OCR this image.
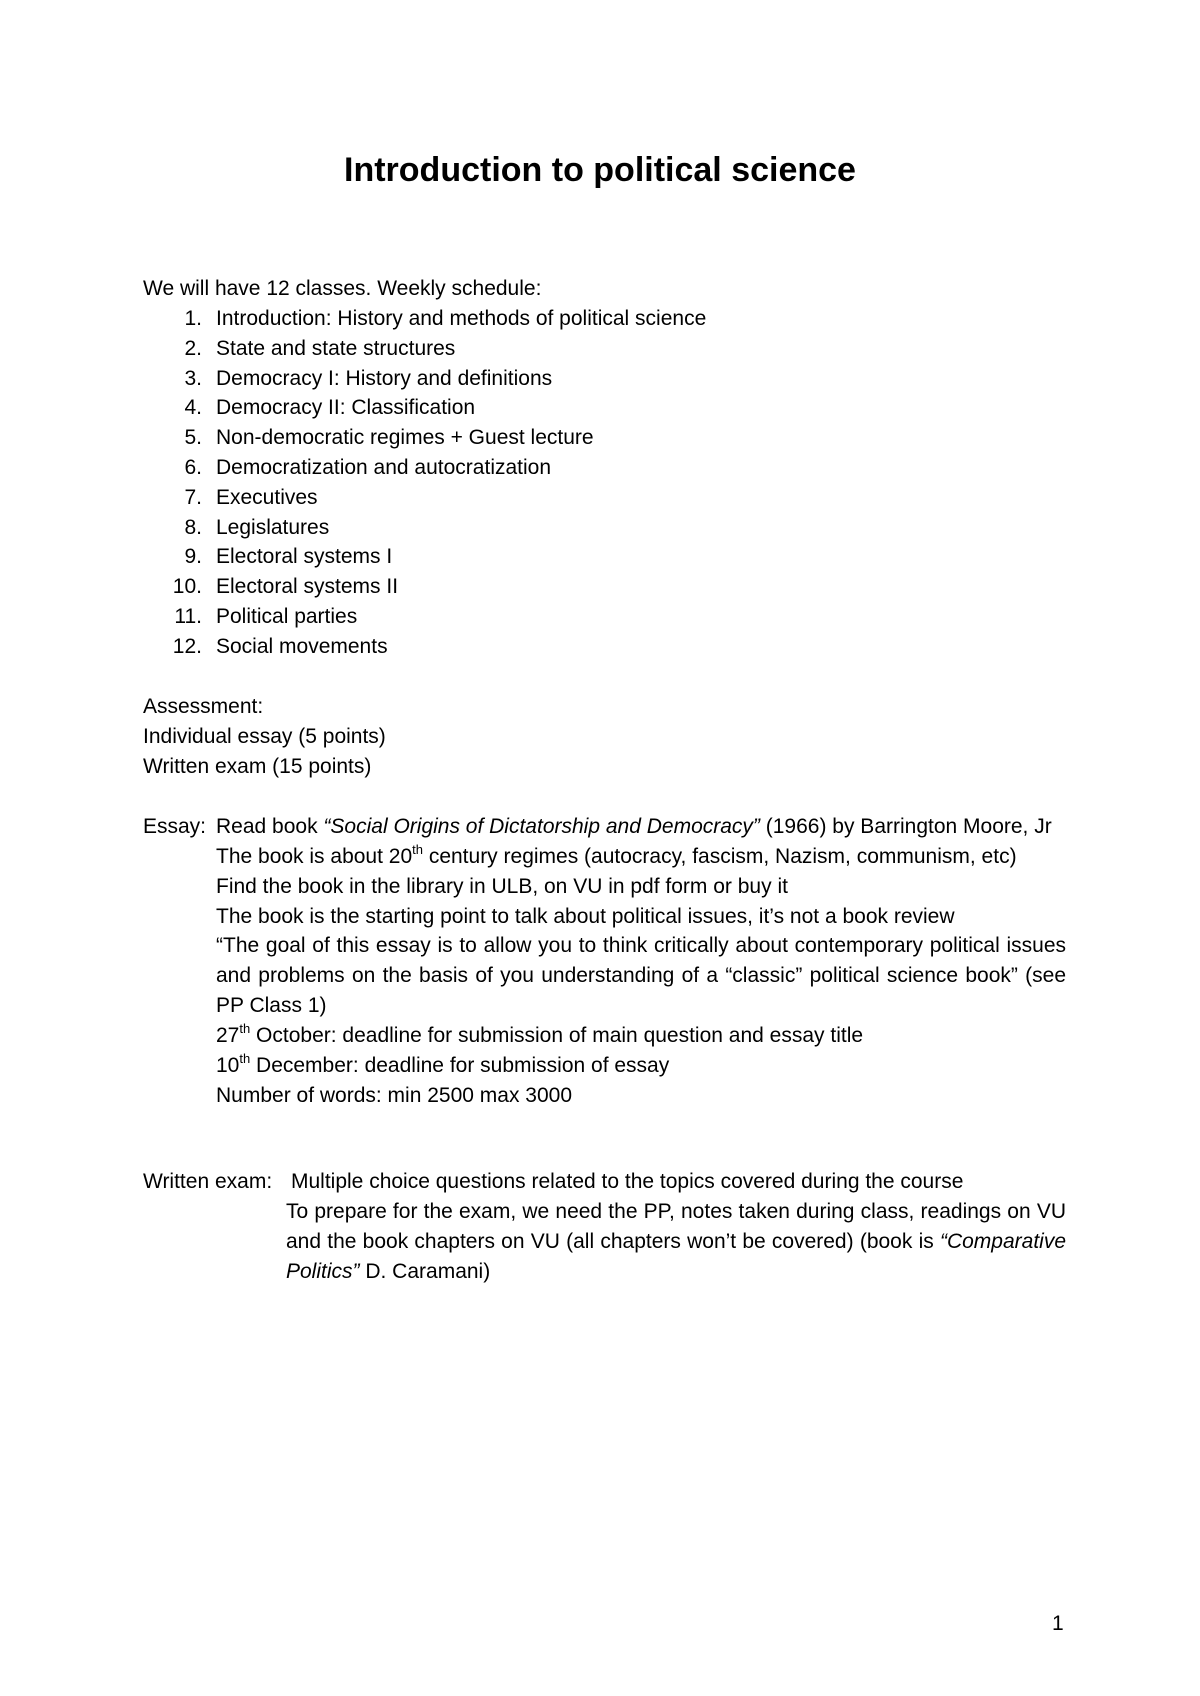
Introduction to political science
We will have 12 classes. Weekly schedule:
1. Introduction: History and methods of political science
2. State and state structures
3. Democracy I: History and definitions
4. Democracy II: Classification
5. Non-democratic regimes + Guest lecture
6. Democratization and autocratization
7. Executives
8. Legislatures
9. Electoral systems I
10. Electoral systems II
11. Political parties
12. Social movements
Assessment:
Individual essay (5 points)
Written exam (15 points)
Essay: Read book “Social Origins of Dictatorship and Democracy” (1966) by Barrington Moore, Jr
The book is about 20th century regimes (autocracy, fascism, Nazism, communism, etc)
Find the book in the library in ULB, on VU in pdf form or buy it
The book is the starting point to talk about political issues, it’s not a book review
“The goal of this essay is to allow you to think critically about contemporary political issues and problems on the basis of you understanding of a “classic” political science book” (see PP Class 1)
27th October: deadline for submission of main question and essay title
10th December: deadline for submission of essay
Number of words: min 2500 max 3000
Written exam: Multiple choice questions related to the topics covered during the course
To prepare for the exam, we need the PP, notes taken during class, readings on VU and the book chapters on VU (all chapters won’t be covered) (book is “Comparative Politics” D. Caramani)
1
